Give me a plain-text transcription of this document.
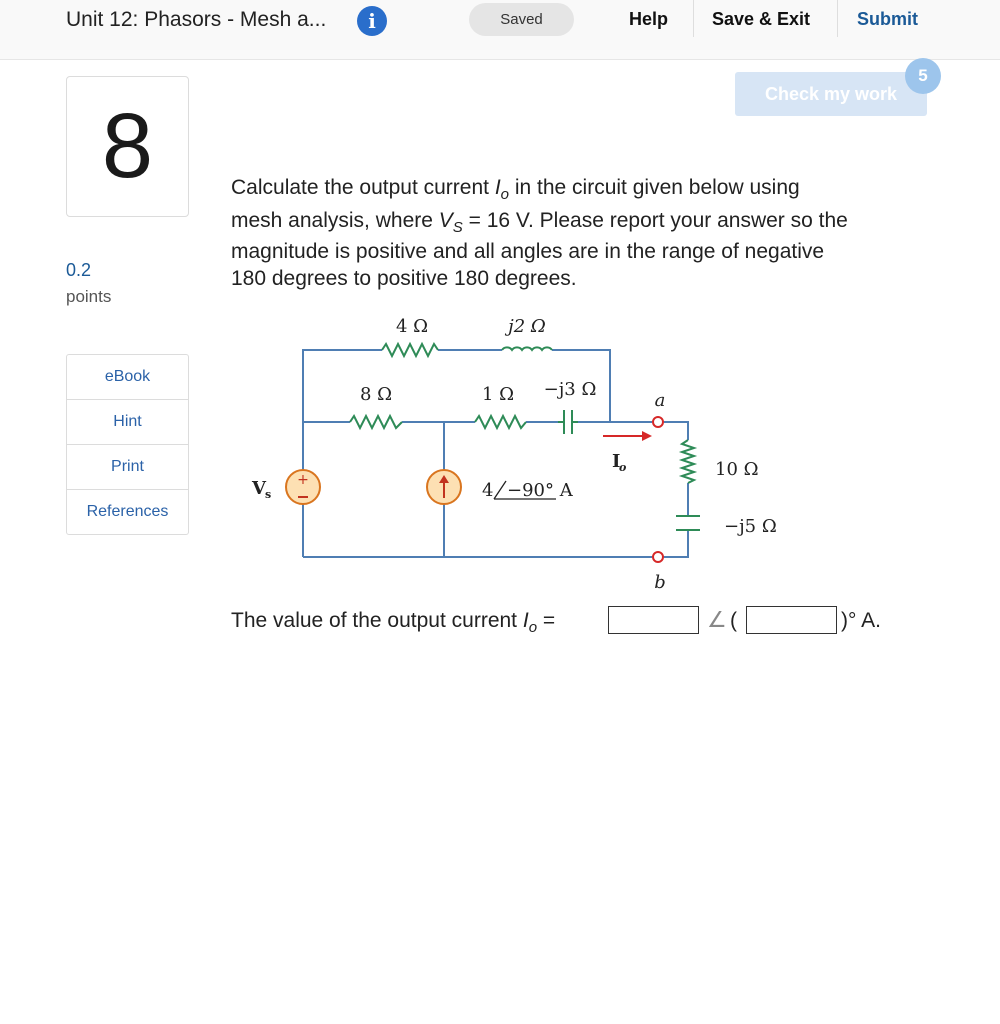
Unit 12: Phasors - Mesh a...	i	Saved	Help Save & Exit	Submit
8
0.2
points
eBook
Hint
Print
References
Check my work
5
Calculate the output current $I_o$ in the circuit given below using
mesh analysis, where $V_S = 16$ V. Please report your answer so the
magnitude is positive and all angles are in the range of negative
180 degrees to positive 180 degrees.
+
4 Ω	j2 Ω
8 Ω	1 Ω −j3 Ω
a
b
10 Ω
−j5 Ω
4 −90° A
V s
I
o
The value of the output current $I_o$ =	∠ (	)° A.
